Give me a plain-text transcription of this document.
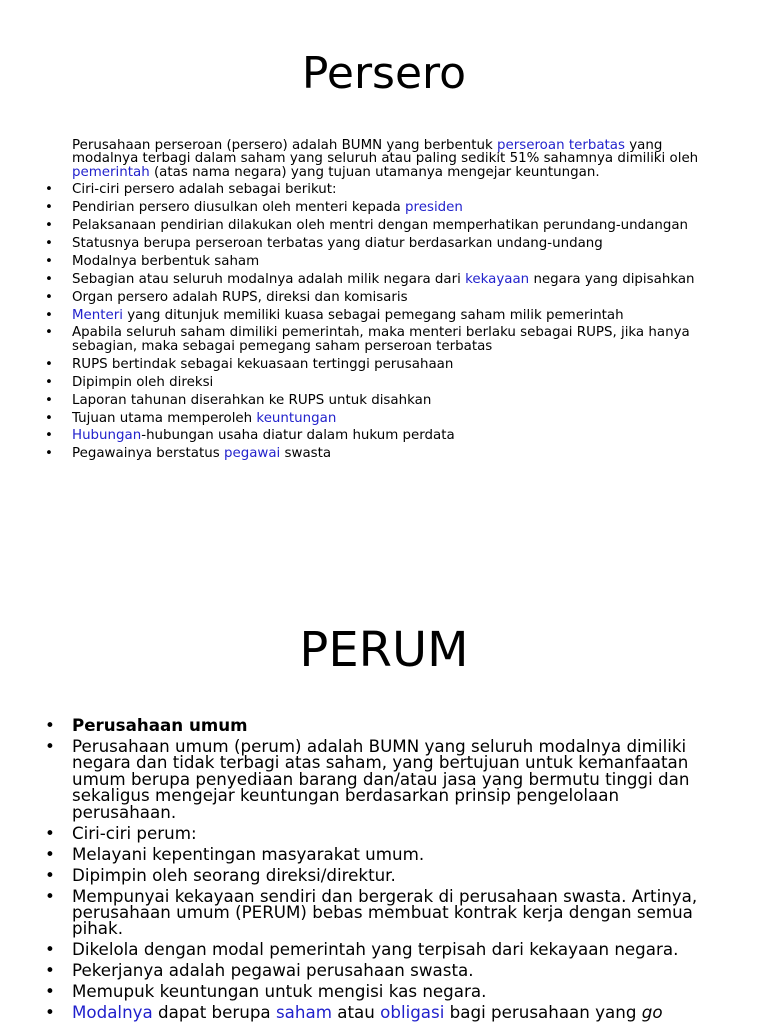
Persero

Perusahaan perseroan (persero) adalah BUMN yang berbentuk perseroan terbatas yang modalnya terbagi dalam saham yang seluruh atau paling sedikit 51% sahamnya dimiliki oleh pemerintah (atas nama negara) yang tujuan utamanya mengejar keuntungan.

• Ciri-ciri persero adalah sebagai berikut:
• Pendirian persero diusulkan oleh menteri kepada presiden
• Pelaksanaan pendirian dilakukan oleh mentri dengan memperhatikan perundang-undangan
• Statusnya berupa perseroan terbatas yang diatur berdasarkan undang-undang
• Modalnya berbentuk saham
• Sebagian atau seluruh modalnya adalah milik negara dari kekayaan negara yang dipisahkan
• Organ persero adalah RUPS, direksi dan komisaris
• Menteri yang ditunjuk memiliki kuasa sebagai pemegang saham milik pemerintah
• Apabila seluruh saham dimiliki pemerintah, maka menteri berlaku sebagai RUPS, jika hanya sebagian, maka sebagai pemegang saham perseroan terbatas
• RUPS bertindak sebagai kekuasaan tertinggi perusahaan
• Dipimpin oleh direksi
• Laporan tahunan diserahkan ke RUPS untuk disahkan
• Tujuan utama memperoleh keuntungan
• Hubungan-hubungan usaha diatur dalam hukum perdata
• Pegawainya berstatus pegawai swasta
PERUM
• Perusahaan umum
• Perusahaan umum (perum) adalah BUMN yang seluruh modalnya dimiliki negara dan tidak terbagi atas saham, yang bertujuan untuk kemanfaatan umum berupa penyediaan barang dan/atau jasa yang bermutu tinggi dan sekaligus mengejar keuntungan berdasarkan prinsip pengelolaan perusahaan.
• Ciri-ciri perum:
• Melayani kepentingan masyarakat umum.
• Dipimpin oleh seorang direksi/direktur.
• Mempunyai kekayaan sendiri dan bergerak di perusahaan swasta. Artinya, perusahaan umum (PERUM) bebas membuat kontrak kerja dengan semua pihak.
• Dikelola dengan modal pemerintah yang terpisah dari kekayaan negara.
• Pekerjanya adalah pegawai perusahaan swasta.
• Memupuk keuntungan untuk mengisi kas negara.
• Modalnya dapat berupa saham atau obligasi bagi perusahaan yang go
